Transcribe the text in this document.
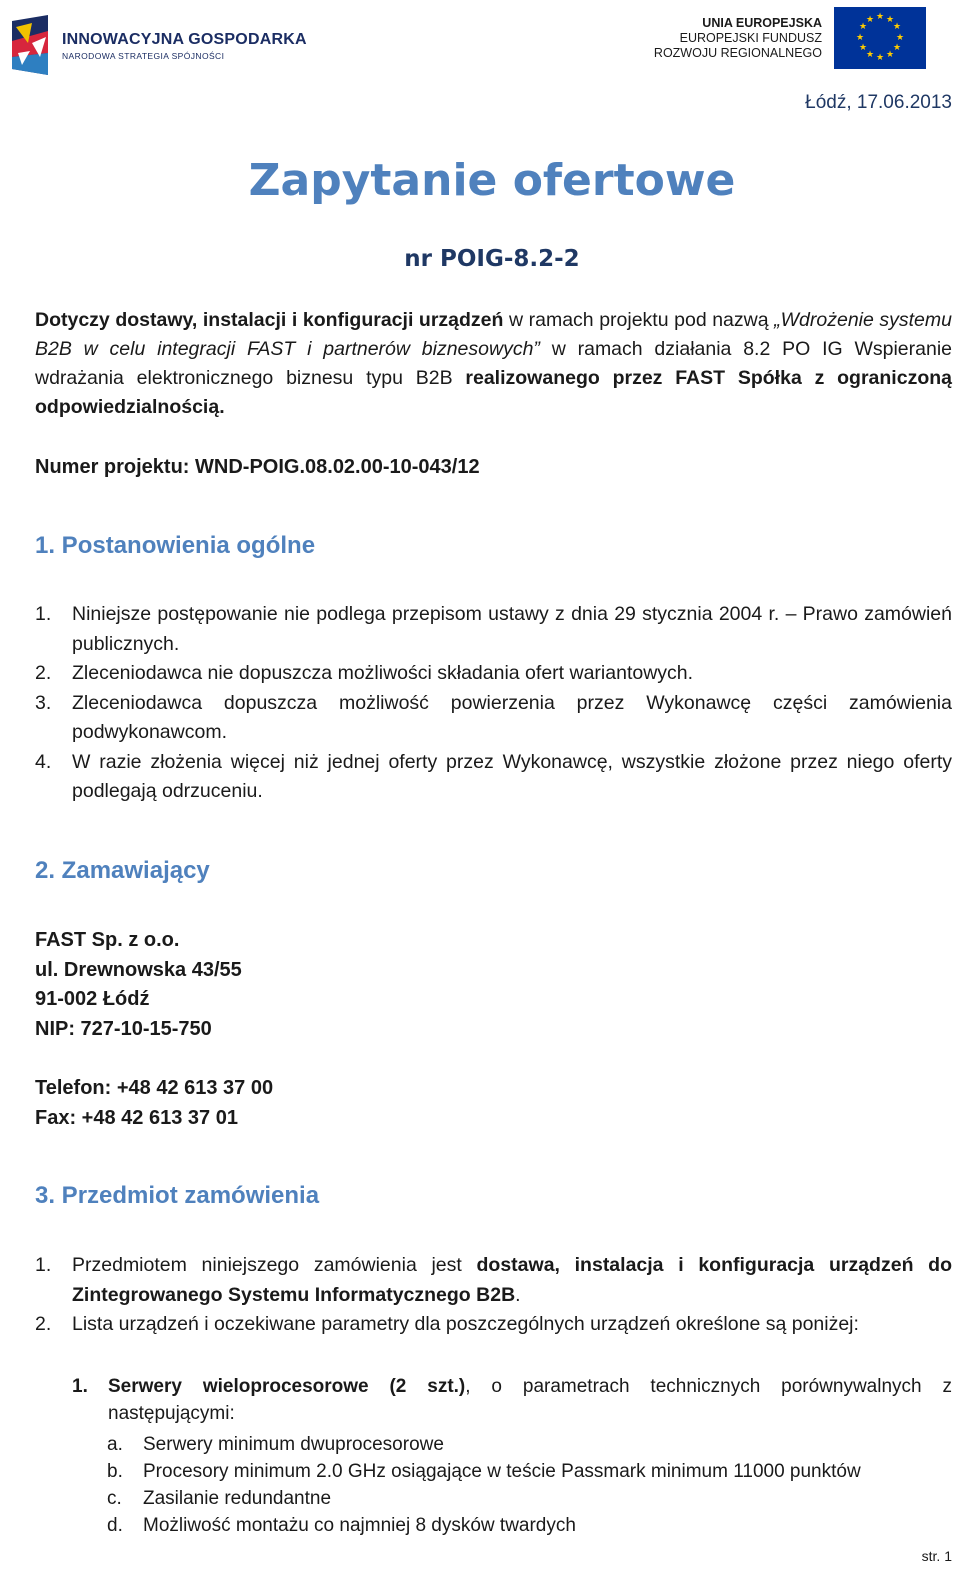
INNOWACYJNA GOSPODARKA
NARODOWA STRATEGIA SPÓJNOŚCI
UNIA EUROPEJSKA
EUROPEJSKI FUNDUSZ
ROZWOJU REGIONALNEGO
★ ★
★
★
★
★
★
★
★
★
★
★
Łódź, 17.06.2013
Zapytanie ofertowe
nr POIG-8.2-2
Dotyczy dostawy, instalacji i konfiguracji urządzeń w ramach projektu pod nazwą „Wdrożenie systemu B2B w celu integracji FAST i partnerów biznesowych” w ramach działania 8.2 PO IG Wspieranie wdrażania elektronicznego biznesu typu B2B realizowanego przez FAST Spółka z ograniczoną odpowiedzialnością.
Numer projektu: WND-POIG.08.02.00-10-043/12
1. Postanowienia ogólne
1.	Niniejsze postępowanie nie podlega przepisom ustawy z dnia 29 stycznia 2004 r. – Prawo zamówień publicznych.
2.	Zleceniodawca nie dopuszcza możliwości składania ofert wariantowych.
3.	Zleceniodawca dopuszcza możliwość powierzenia przez Wykonawcę części zamówienia podwykonawcom.
4.	W razie złożenia więcej niż jednej oferty przez Wykonawcę, wszystkie złożone przez niego oferty podlegają odrzuceniu.
2. Zamawiający
FAST Sp. z o.o.
ul. Drewnowska 43/55
91-002 Łódź
NIP: 727-10-15-750
Telefon: +48 42 613 37 00
Fax: +48 42 613 37 01
3. Przedmiot zamówienia
1.	Przedmiotem niniejszego zamówienia jest dostawa, instalacja i konfiguracja urządzeń do Zintegrowanego Systemu Informatycznego B2B.
2.	Lista urządzeń i oczekiwane parametry dla poszczególnych urządzeń określone są poniżej:
1.	Serwery wieloprocesorowe (2 szt.), o parametrach technicznych porównywalnych z następującymi:
a.	Serwery minimum dwuprocesorowe
b.	Procesory minimum 2.0 GHz osiągające w teście Passmark minimum 11000 punktów
c.	Zasilanie redundantne
d.	Możliwość montażu co najmniej 8 dysków twardych
str. 1
